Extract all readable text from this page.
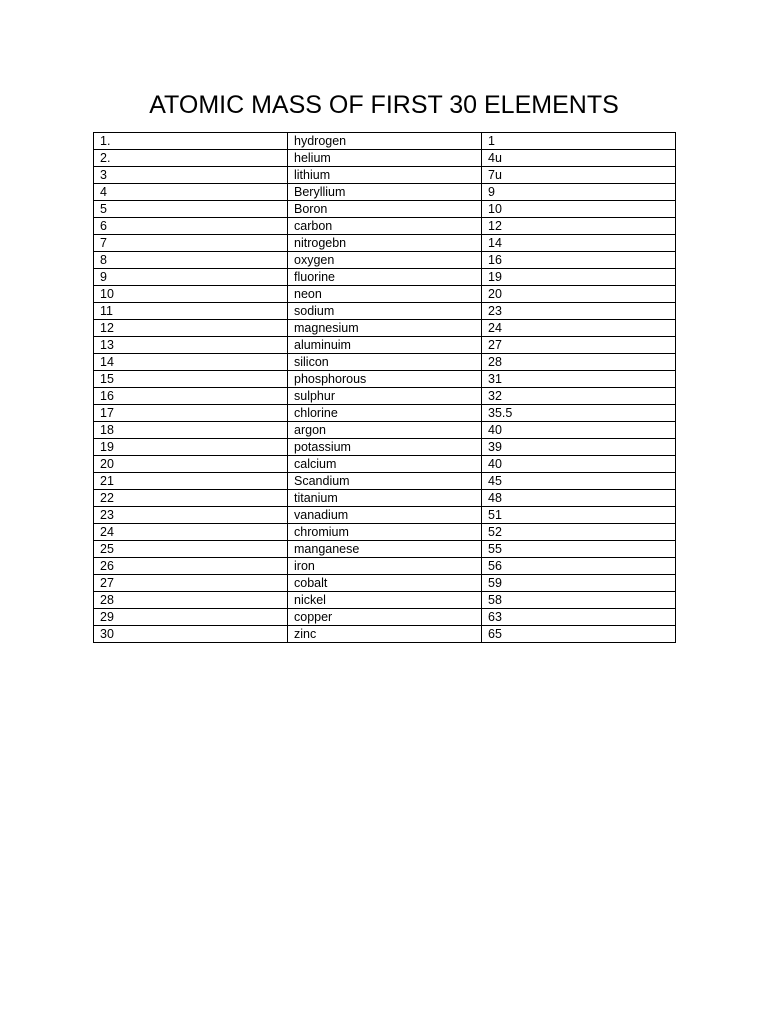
ATOMIC MASS OF FIRST 30 ELEMENTS
1.	hydrogen	1
2.	helium	4u
3	lithium	7u
4	Beryllium	9
5	Boron	10
6	carbon	12
7	nitrogebn	14
8	oxygen	16
9	fluorine	19
10	neon	20
11	sodium	23
12	magnesium	24
13	aluminuim	27
14	silicon	28
15	phosphorous	31
16	sulphur	32
17	chlorine	35.5
18	argon	40
19	potassium	39
20	calcium	40
21	Scandium	45
22	titanium	48
23	vanadium	51
24	chromium	52
25	manganese	55
26	iron	56
27	cobalt	59
28	nickel	58
29	copper	63
30	zinc	65
